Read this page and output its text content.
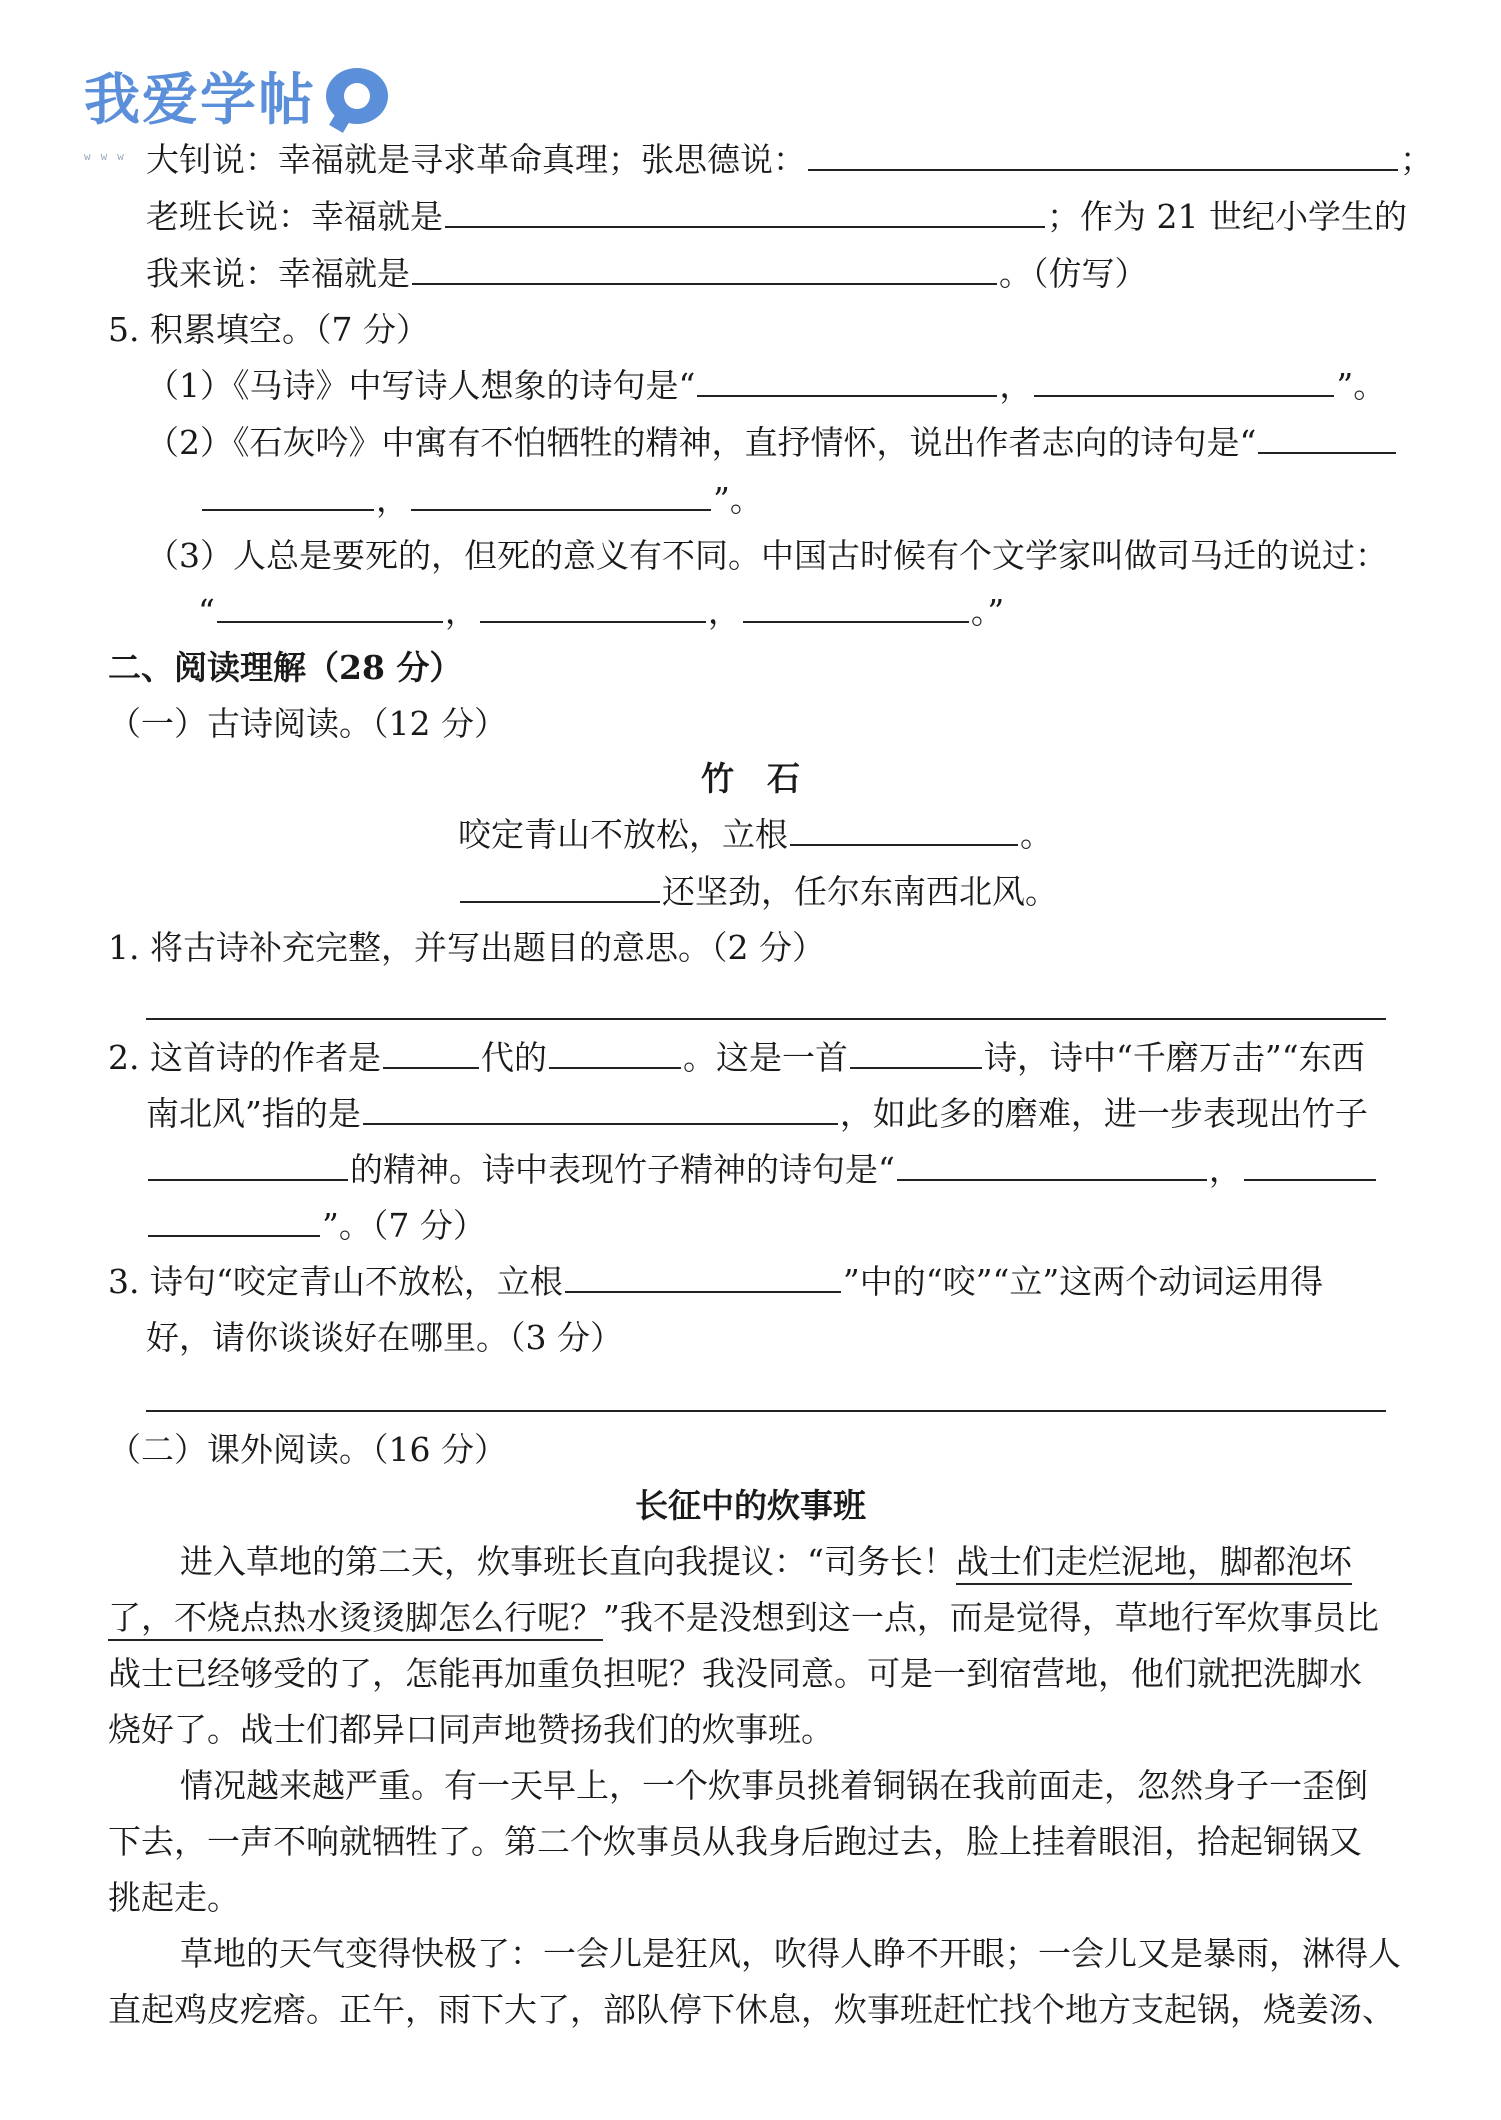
我爱学帖
www 大钊说：幸福就是寻求革命真理；张思德说：	；
老班长说：幸福就是	；作为 21 世纪小学生的
我来说：幸福就是	。（仿写）
5. 积累填空。（7 分）
（1）《马诗》中写诗人想象的诗句是“	，	”。
（2）《石灰吟》中寓有不怕牺牲的精神，直抒情怀，说出作者志向的诗句是“
，	”。
（3）人总是要死的，但死的意义有不同。中国古时候有个文学家叫做司马迁的说过：
“	，	，	。”
二、阅读理解（28 分）
（一）古诗阅读。（12 分）
竹　石
咬定青山不放松，立根	。
还坚劲，任尔东南西北风。
1. 将古诗补充完整，并写出题目的意思。（2 分）
2. 这首诗的作者是	代的	。这是一首	诗，诗中“千磨万击”“东西
南北风”指的是	，如此多的磨难，进一步表现出竹子
的精神。诗中表现竹子精神的诗句是“	，
”。（7 分）
3. 诗句“咬定青山不放松，立根	”中的“咬”“立”这两个动词运用得
好，请你谈谈好在哪里。（3 分）
（二）课外阅读。（16 分）
长征中的炊事班
进入草地的第二天，炊事班长直向我提议：“司务长！战士们走烂泥地，脚都泡坏
了，不烧点热水烫烫脚怎么行呢？”我不是没想到这一点，而是觉得，草地行军炊事员比
战士已经够受的了，怎能再加重负担呢？我没同意。可是一到宿营地，他们就把洗脚水
烧好了。战士们都异口同声地赞扬我们的炊事班。
情况越来越严重。有一天早上，一个炊事员挑着铜锅在我前面走，忽然身子一歪倒
下去，一声不响就牺牲了。第二个炊事员从我身后跑过去，脸上挂着眼泪，拾起铜锅又
挑起走。
草地的天气变得快极了：一会儿是狂风，吹得人睁不开眼；一会儿又是暴雨，淋得人
直起鸡皮疙瘩。正午，雨下大了，部队停下休息，炊事班赶忙找个地方支起锅，烧姜汤、
